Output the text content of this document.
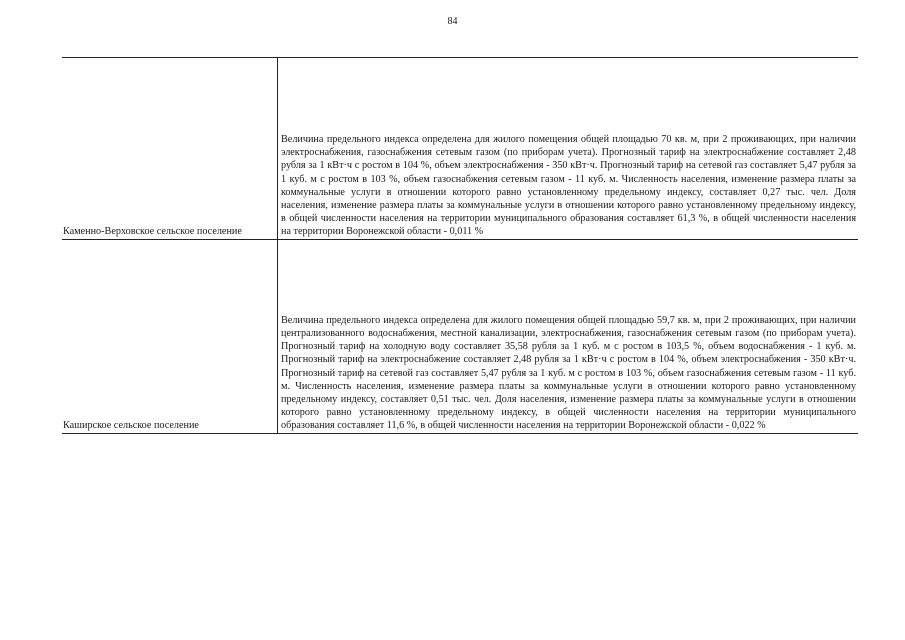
84
Каменно-Верховское сельское поселение

Величина предельного индекса определена для жилого помещения общей площадью 70 кв. м, при 2 проживающих, при наличии электроснабжения, газоснабжения сетевым газом (по приборам учета). Прогнозный тариф на электроснабжение составляет 2,48 рубля за 1 кВт·ч с ростом в 104 %, объем электроснабжения - 350 кВт·ч. Прогнозный тариф на сетевой газ составляет 5,47 рубля за 1 куб. м с ростом в 103 %, объем газоснабжения сетевым газом - 11 куб. м. Численность населения, изменение размера платы за коммунальные услуги в отношении которого равно установленному предельному индексу, составляет 0,27 тыс. чел. Доля населения, изменение размера платы за коммунальные услуги в отношении которого равно установленному предельному индексу, в общей численности населения на территории муниципального образования составляет 61,3 %, в общей численности населения на территории Воронежской области - 0,011 %

Каширское сельское поселение

Величина предельного индекса определена для жилого помещения общей площадью 59,7 кв. м, при 2 проживающих, при наличии централизованного водоснабжения, местной канализации, электроснабжения, газоснабжения сетевым газом (по приборам учета). Прогнозный тариф на холодную воду составляет 35,58 рубля за 1 куб. м с ростом в 103,5 %, объем водоснабжения - 1 куб. м. Прогнозный тариф на электроснабжение составляет 2,48 рубля за 1 кВт·ч с ростом в 104 %, объем электроснабжения - 350 кВт·ч. Прогнозный тариф на сетевой газ составляет 5,47 рубля за 1 куб. м с ростом в 103 %, объем газоснабжения сетевым газом - 11 куб. м. Численность населения, изменение размера платы за коммунальные услуги в отношении которого равно установленному предельному индексу, составляет 0,51 тыс. чел. Доля населения, изменение размера платы за коммунальные услуги в отношении которого равно установленному предельному индексу, в общей численности населения на территории муниципального образования составляет 11,6 %, в общей численности населения на территории Воронежской области - 0,022 %
